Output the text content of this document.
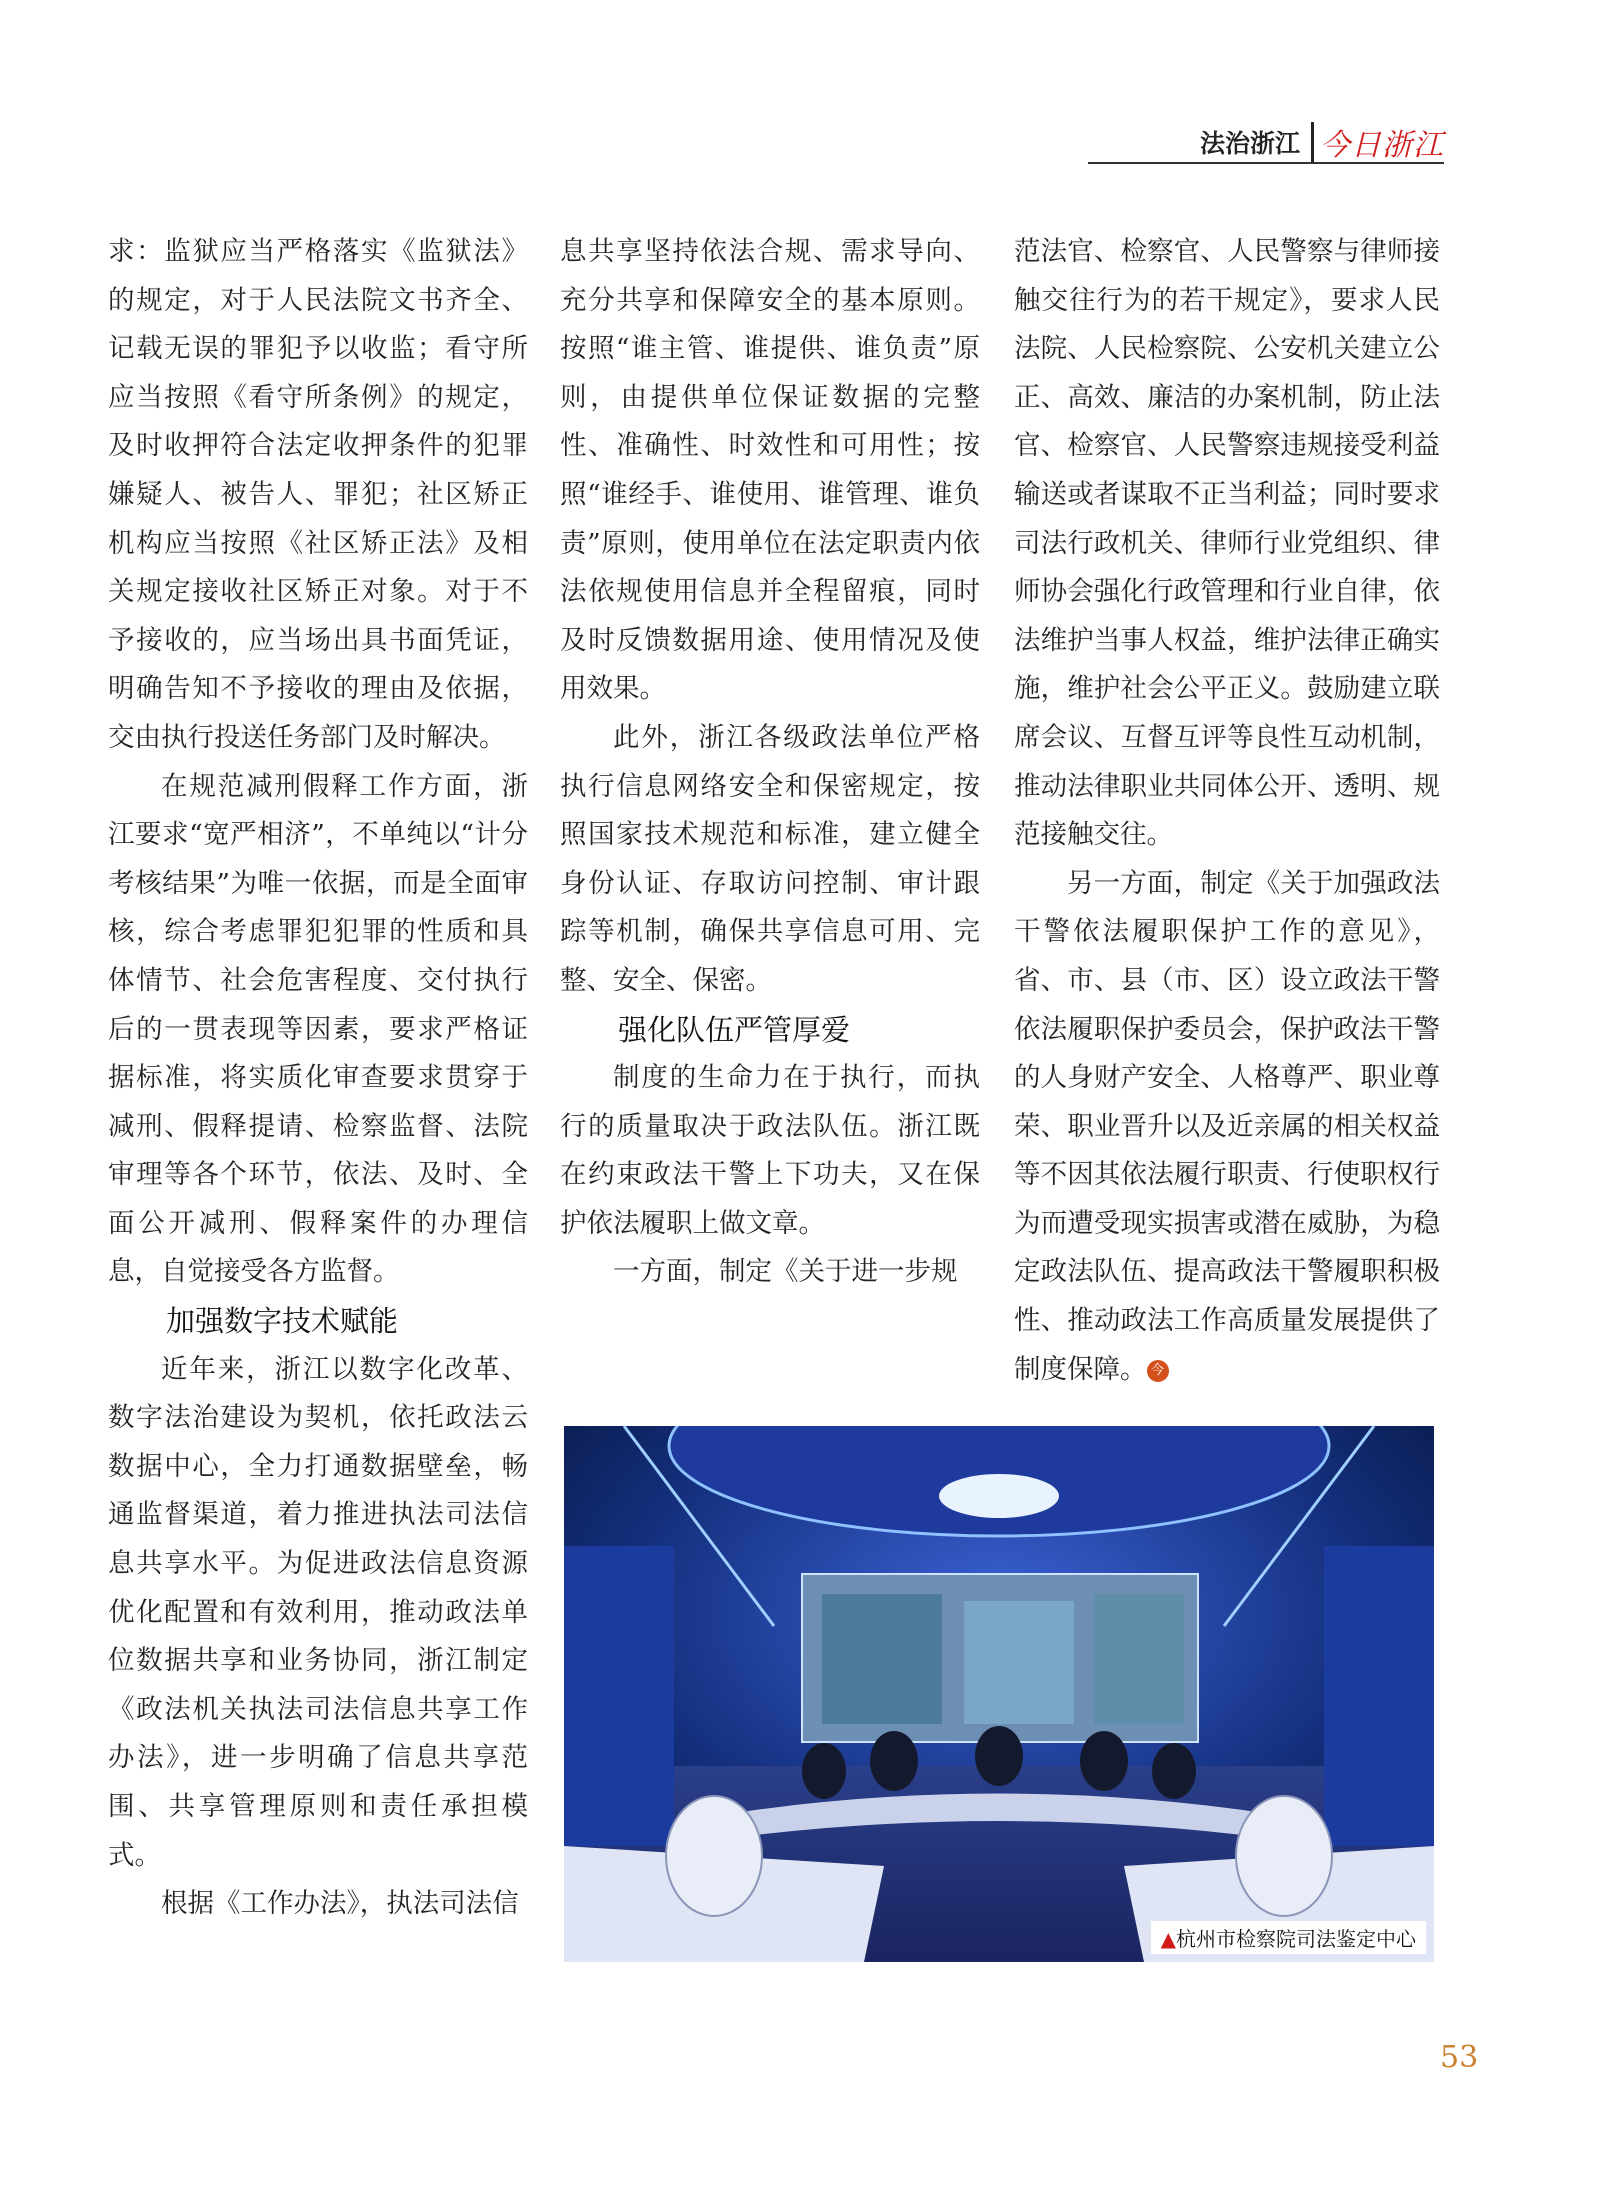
法治浙江 今日浙江

求：监狱应当严格落实《监狱法》的规定，对于人民法院文书齐全、记载无误的罪犯予以收监；看守所应当按照《看守所条例》的规定，及时收押符合法定收押条件的犯罪嫌疑人、被告人、罪犯；社区矫正机构应当按照《社区矫正法》及相关规定接收社区矫正对象。对于不予接收的，应当场出具书面凭证，明确告知不予接收的理由及依据，交由执行投送任务部门及时解决。

在规范减刑假释工作方面，浙江要求“宽严相济”，不单纯以“计分考核结果”为唯一依据，而是全面审核，综合考虑罪犯犯罪的性质和具体情节、社会危害程度、交付执行后的一贯表现等因素，要求严格证据标准，将实质化审查要求贯穿于减刑、假释提请、检察监督、法院审理等各个环节，依法、及时、全面公开减刑、假释案件的办理信息，自觉接受各方监督。

加强数字技术赋能

近年来，浙江以数字化改革、数字法治建设为契机，依托政法云数据中心，全力打通数据壁垒，畅通监督渠道，着力推进执法司法信息共享水平。为促进政法信息资源优化配置和有效利用，推动政法单位数据共享和业务协同，浙江制定《政法机关执法司法信息共享工作办法》，进一步明确了信息共享范围、共享管理原则和责任承担模式。

根据《工作办法》，执法司法信

息共享坚持依法合规、需求导向、充分共享和保障安全的基本原则。按照“谁主管、谁提供、谁负责”原则，由提供单位保证数据的完整性、准确性、时效性和可用性；按照“谁经手、谁使用、谁管理、谁负责”原则，使用单位在法定职责内依法依规使用信息并全程留痕，同时及时反馈数据用途、使用情况及使用效果。

此外，浙江各级政法单位严格执行信息网络安全和保密规定，按照国家技术规范和标准，建立健全身份认证、存取访问控制、审计跟踪等机制，确保共享信息可用、完整、安全、保密。

强化队伍严管厚爱

制度的生命力在于执行，而执行的质量取决于政法队伍。浙江既在约束政法干警上下功夫，又在保护依法履职上做文章。

一方面，制定《关于进一步规

范法官、检察官、人民警察与律师接触交往行为的若干规定》，要求人民法院、人民检察院、公安机关建立公正、高效、廉洁的办案机制，防止法官、检察官、人民警察违规接受利益输送或者谋取不正当利益；同时要求司法行政机关、律师行业党组织、律师协会强化行政管理和行业自律，依法维护当事人权益，维护法律正确实施，维护社会公平正义。鼓励建立联席会议、互督互评等良性互动机制，推动法律职业共同体公开、透明、规范接触交往。

另一方面，制定《关于加强政法干警依法履职保护工作的意见》，省、市、县（市、区）设立政法干警依法履职保护委员会，保护政法干警的人身财产安全、人格尊严、职业尊荣、职业晋升以及近亲属的相关权益等不因其依法履行职责、行使职权行为而遭受现实损害或潜在威胁，为稳定政法队伍、提高政法干警履职积极性、推动政法工作高质量发展提供了制度保障。 今

▲杭州市检察院司法鉴定中心
53
